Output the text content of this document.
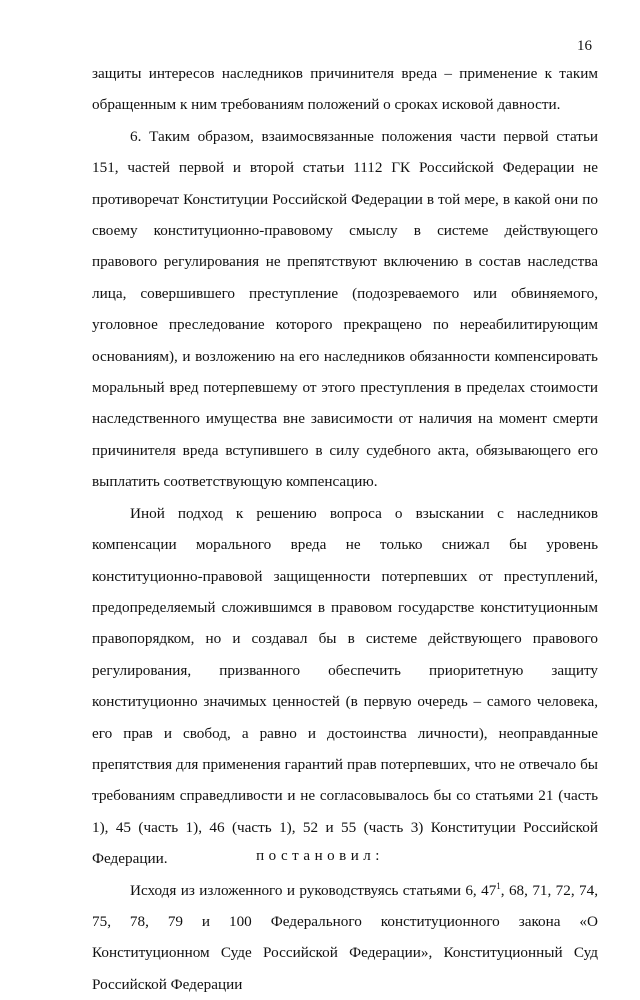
16

защиты интересов наследников причинителя вреда – применение к таким обращенным к ним требованиям положений о сроках исковой давности.

6. Таким образом, взаимосвязанные положения части первой статьи 151, частей первой и второй статьи 1112 ГК Российской Федерации не противоречат Конституции Российской Федерации в той мере, в какой они по своему конституционно-правовому смыслу в системе действующего правового регулирования не препятствуют включению в состав наследства лица, совершившего преступление (подозреваемого или обвиняемого, уголовное преследование которого прекращено по нереабилитирующим основаниям), и возложению на его наследников обязанности компенсировать моральный вред потерпевшему от этого преступления в пределах стоимости наследственного имущества вне зависимости от наличия на момент смерти причинителя вреда вступившего в силу судебного акта, обязывающего его выплатить соответствующую компенсацию.

Иной подход к решению вопроса о взыскании с наследников компенсации морального вреда не только снижал бы уровень конституционно-правовой защищенности потерпевших от преступлений, предопределяемый сложившимся в правовом государстве конституционным правопорядком, но и создавал бы в системе действующего правового регулирования, призванного обеспечить приоритетную защиту конституционно значимых ценностей (в первую очередь – самого человека, его прав и свобод, а равно и достоинства личности), неоправданные препятствия для применения гарантий прав потерпевших, что не отвечало бы требованиям справедливости и не согласовывалось бы со статьями 21 (часть 1), 45 (часть 1), 46 (часть 1), 52 и 55 (часть 3) Конституции Российской Федерации.

Исходя из изложенного и руководствуясь статьями 6, $47^1$, 68, 71, 72, 74, 75, 78, 79 и 100 Федерального конституционного закона «О Конституционном Суде Российской Федерации», Конституционный Суд Российской Федерации

постановил:
